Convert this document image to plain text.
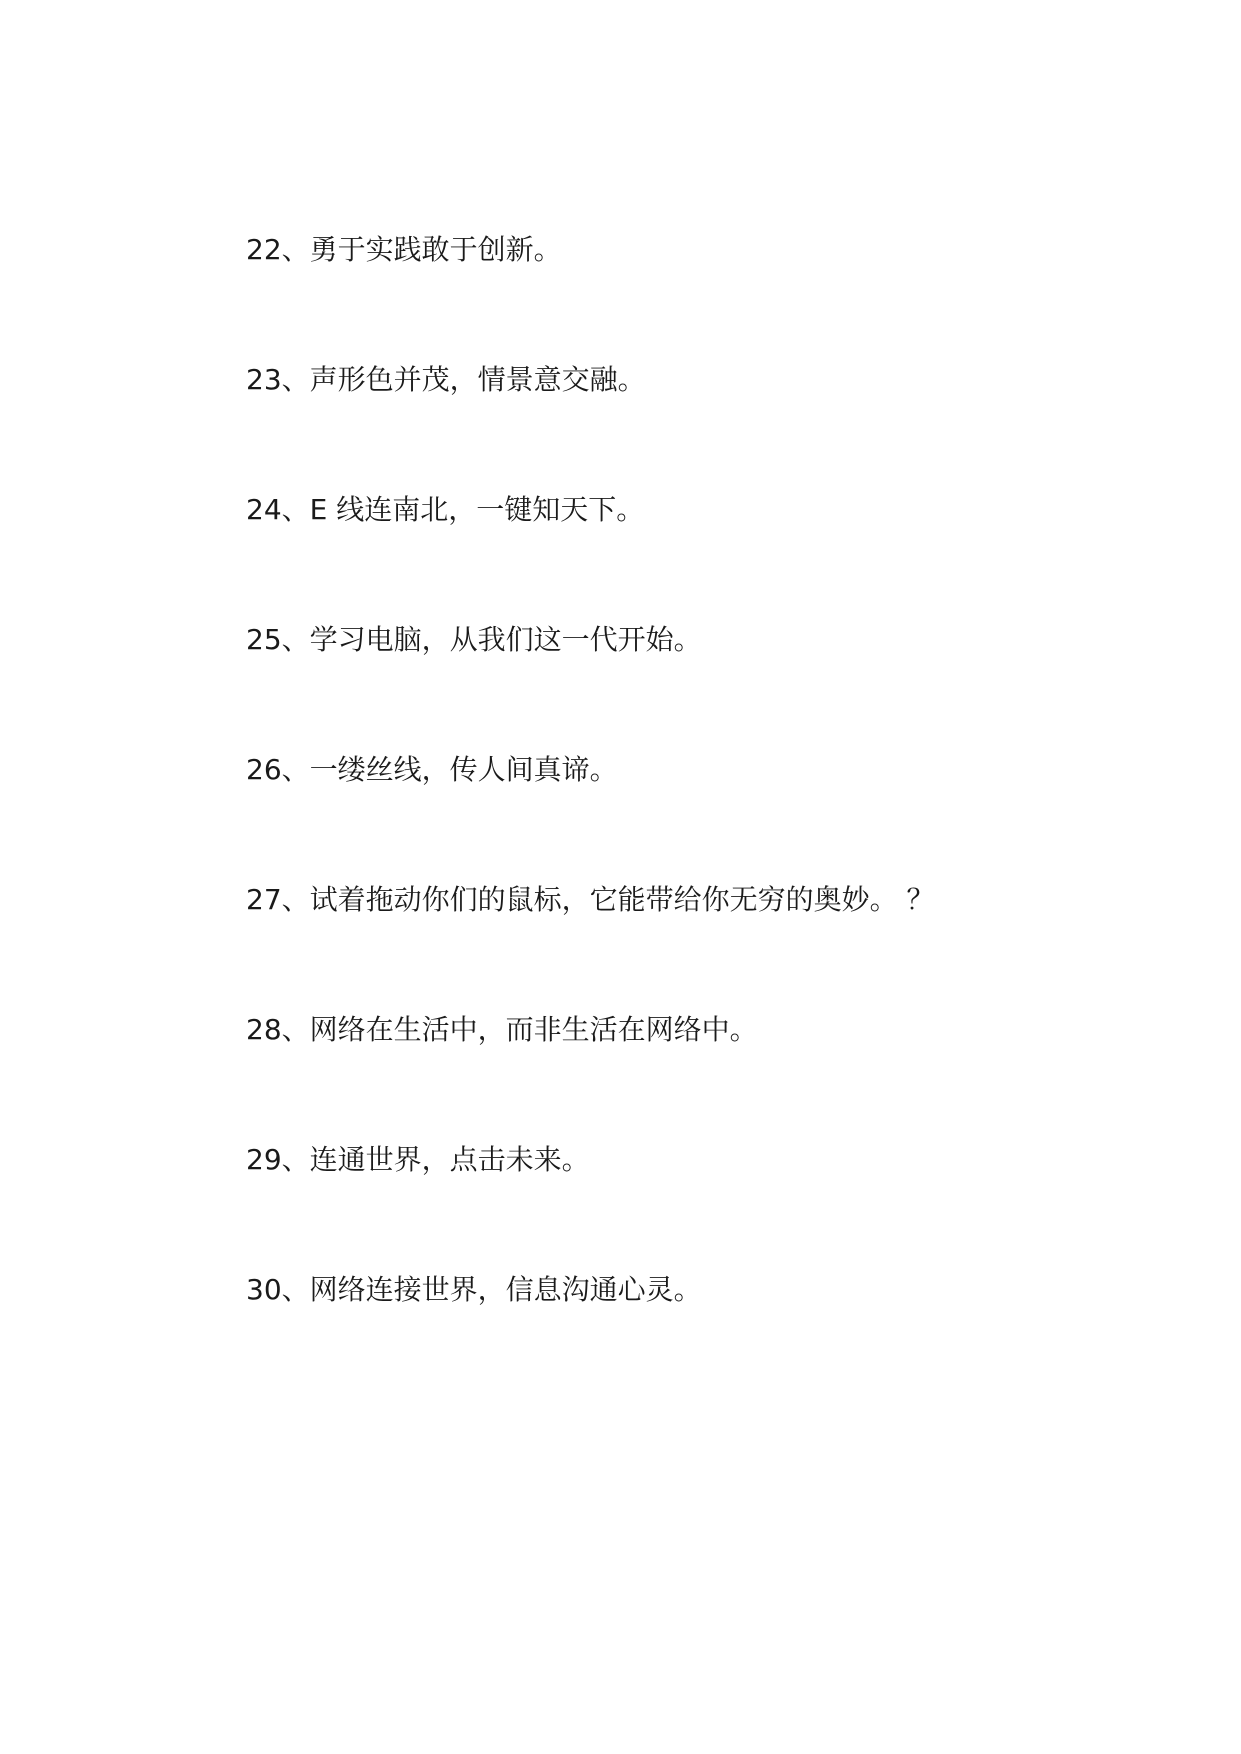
22、勇于实践敢于创新。
23、声形色并茂，情景意交融。
24、E 线连南北，一键知天下。
25、学习电脑，从我们这一代开始。
26、一缕丝线，传人间真谛。
27、试着拖动你们的鼠标，它能带给你无穷的奥妙。 ？
28、网络在生活中，而非生活在网络中。
29、连通世界，点击未来。
30、网络连接世界，信息沟通心灵。
